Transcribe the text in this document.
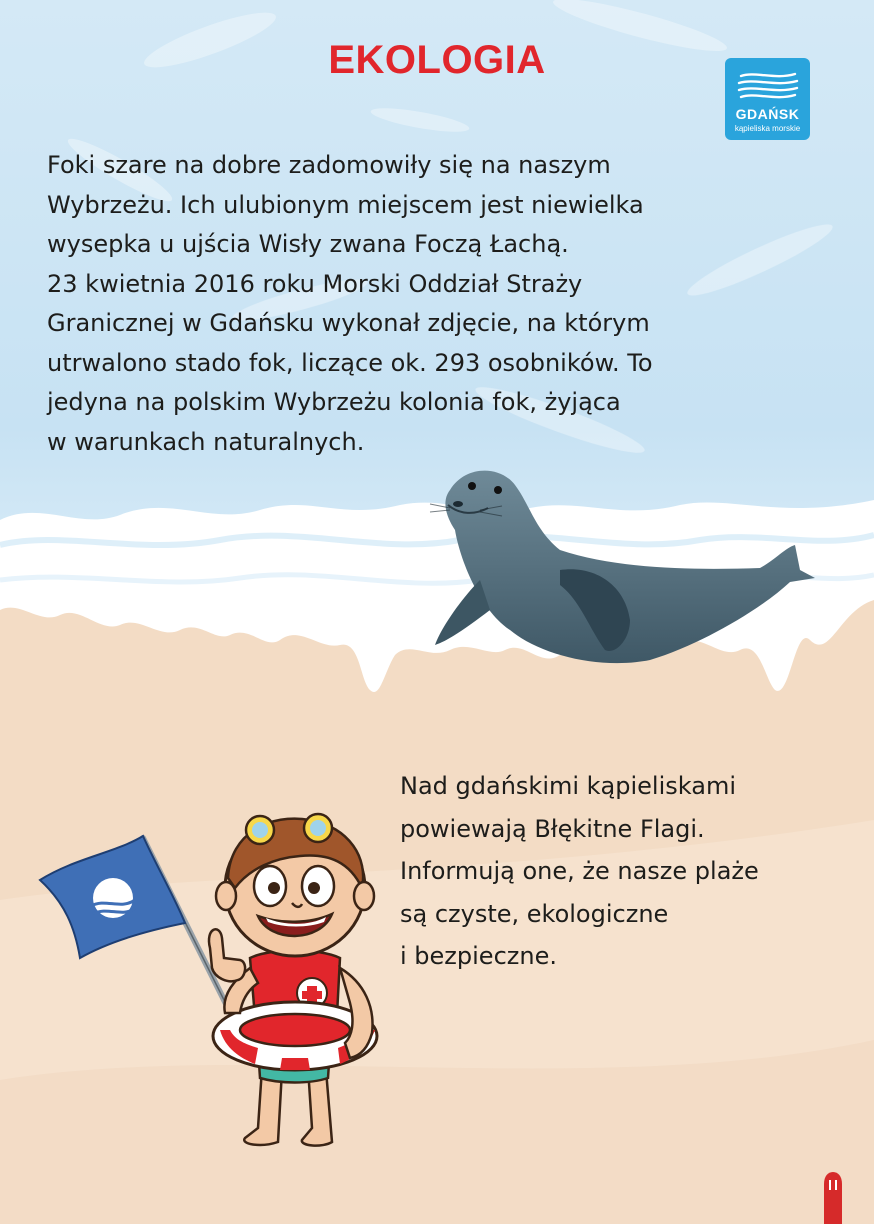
EKOLOGIA
GDAŃSK
kąpieliska morskie
Foki szare na dobre zadomowiły się na naszym
Wybrzeżu. Ich ulubionym miejscem jest niewielka
wysepka u ujścia Wisły zwana Foczą Łachą.
23 kwietnia 2016 roku Morski Oddział Straży
Granicznej w Gdańsku wykonał zdjęcie, na którym
utrwalono stado fok, liczące ok. 293 osobników. To
jedyna na polskim Wybrzeżu kolonia fok, żyjąca
w warunkach naturalnych.
Nad gdańskimi kąpieliskami
powiewają Błękitne Flagi.
Informują one, że nasze plaże
są czyste, ekologiczne
i bezpieczne.
